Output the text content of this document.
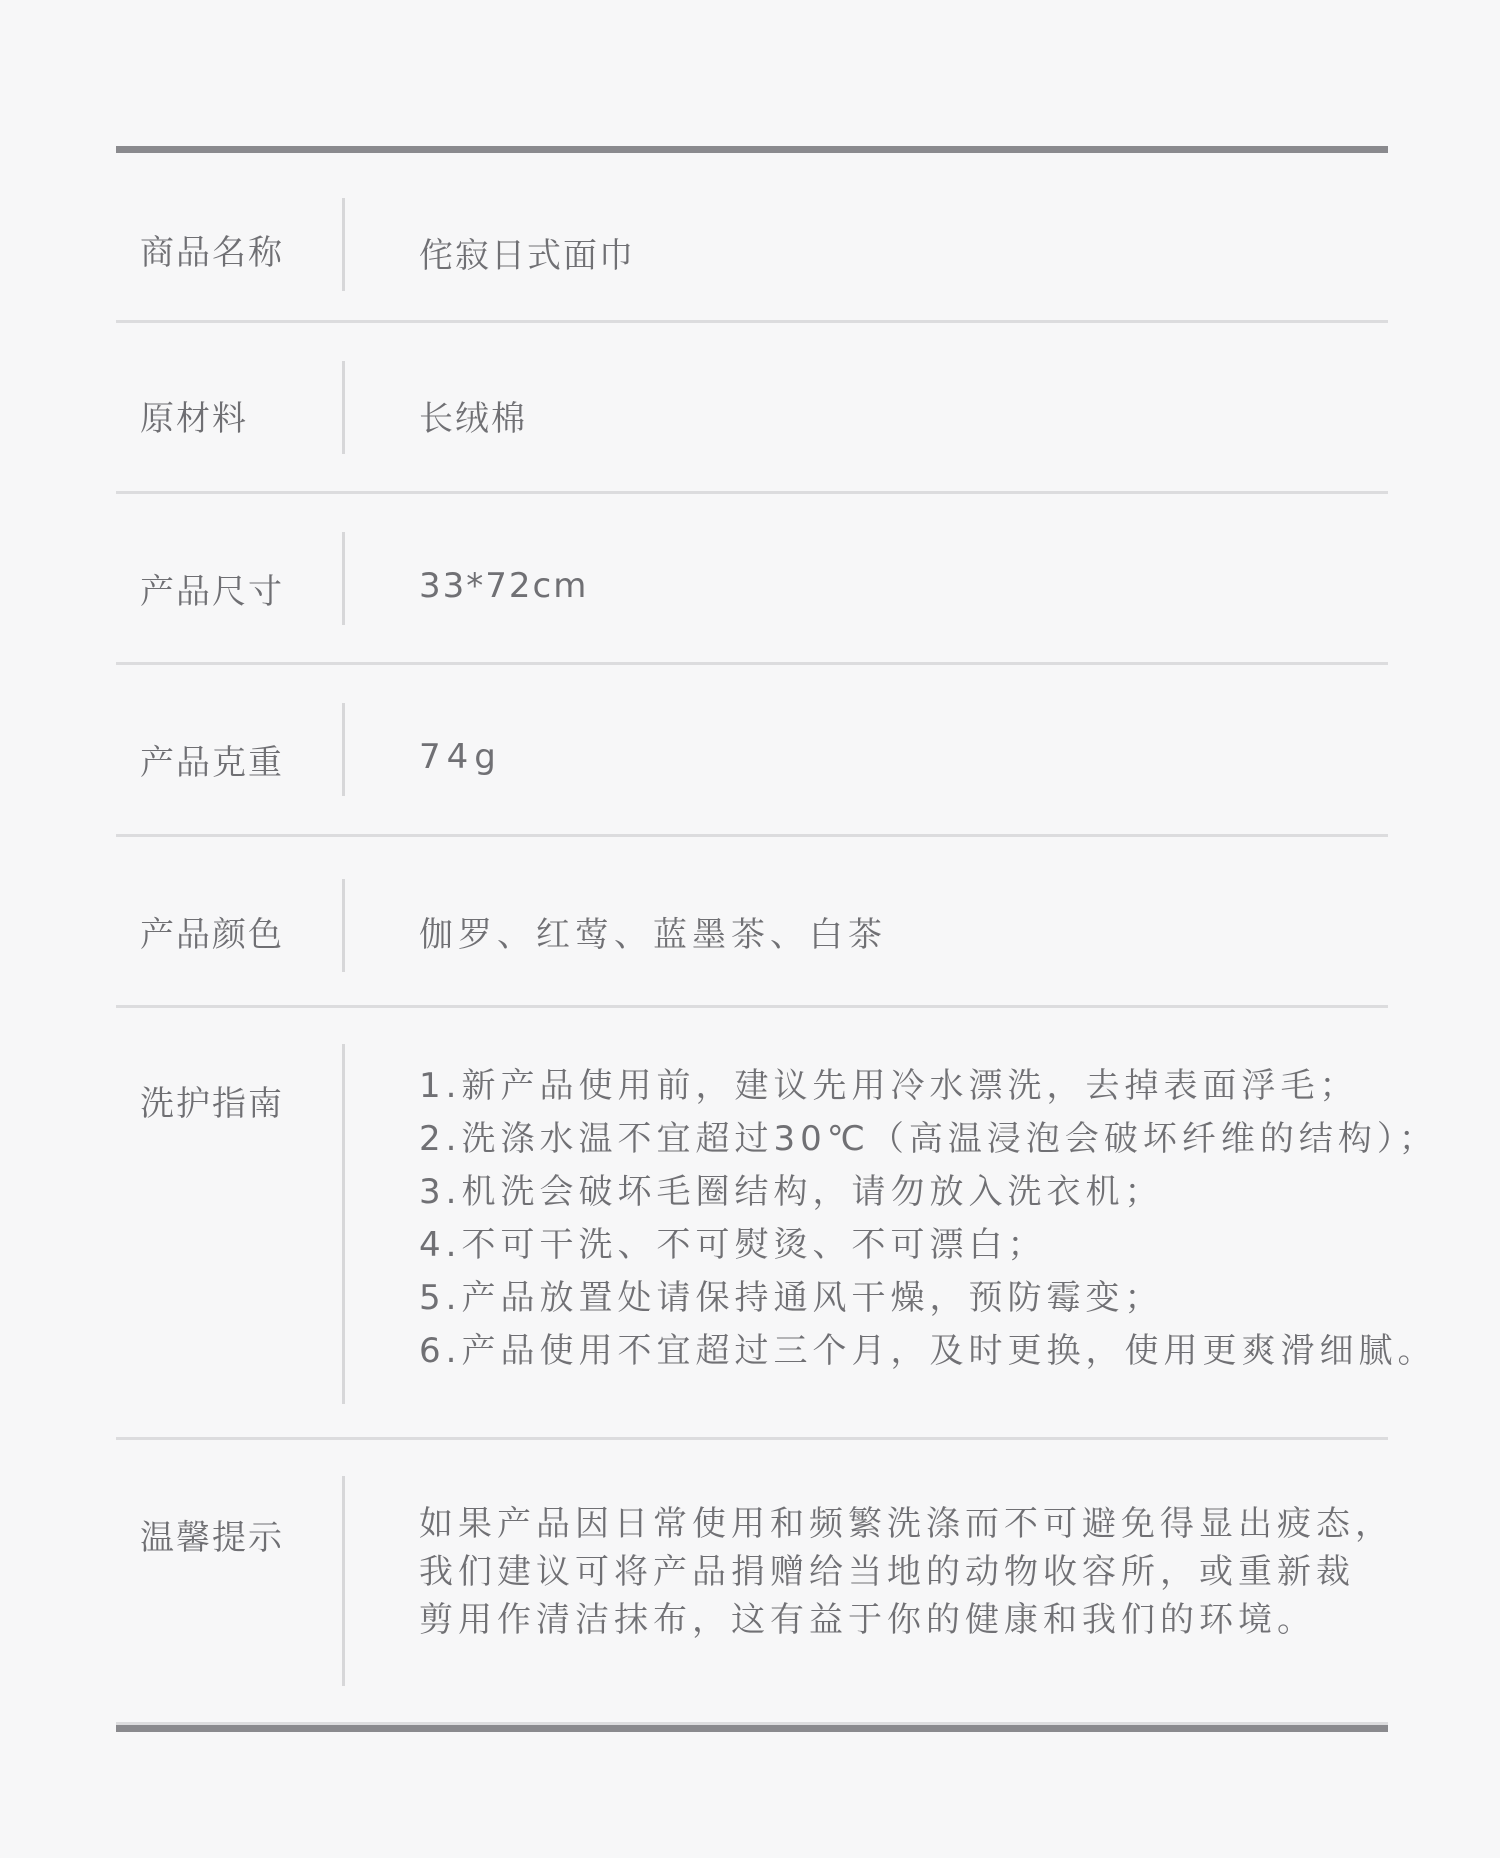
商品名称	侘寂日式面巾
原材料	长绒棉
产品尺寸	33*72cm
产品克重	74g
产品颜色	伽罗、红莺、蓝墨茶、白茶
洗护指南	1.新产品使用前，建议先用冷水漂洗，去掉表面浮毛；
2.洗涤水温不宜超过30℃（高温浸泡会破坏纤维的结构）；
3.机洗会破坏毛圈结构，请勿放入洗衣机；
4.不可干洗、不可熨烫、不可漂白；
5.产品放置处请保持通风干燥，预防霉变；
6.产品使用不宜超过三个月，及时更换，使用更爽滑细腻。
温馨提示	如果产品因日常使用和频繁洗涤而不可避免得显出疲态，
我们建议可将产品捐赠给当地的动物收容所，或重新裁
剪用作清洁抹布，这有益于你的健康和我们的环境。
